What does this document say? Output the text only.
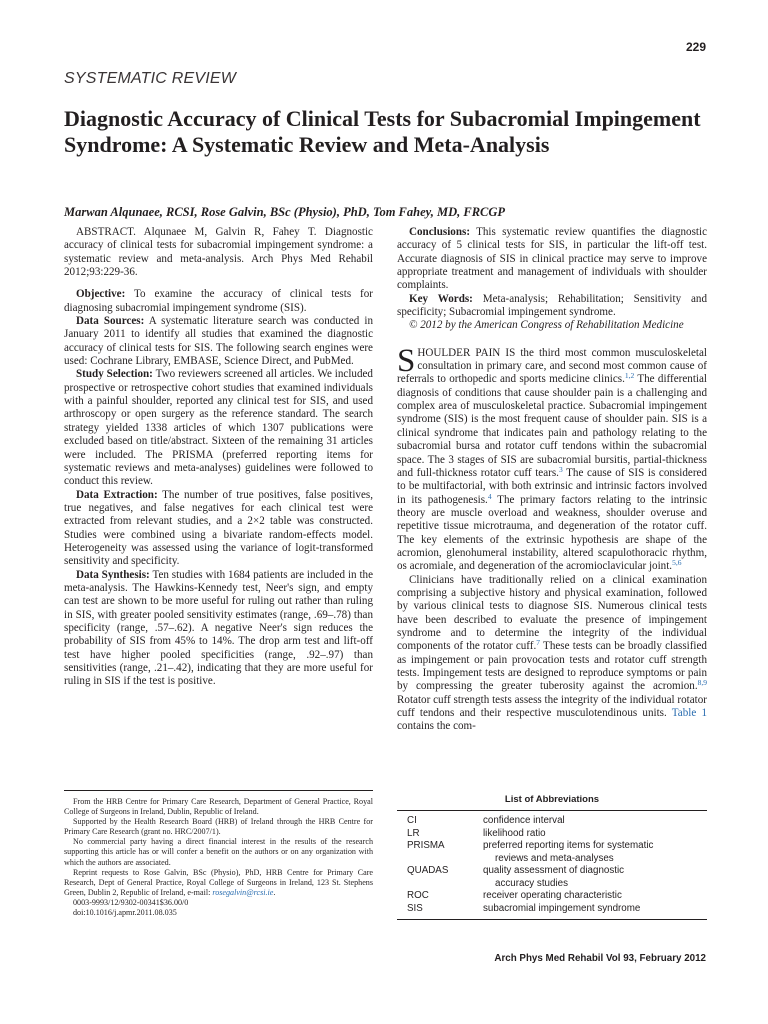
229
SYSTEMATIC REVIEW
Diagnostic Accuracy of Clinical Tests for Subacromial Impingement Syndrome: A Systematic Review and Meta-Analysis
Marwan Alqunaee, RCSI, Rose Galvin, BSc (Physio), PhD, Tom Fahey, MD, FRCGP

ABSTRACT. Alqunaee M, Galvin R, Fahey T. Diagnostic accuracy of clinical tests for subacromial impingement syndrome: a systematic review and meta-analysis. Arch Phys Med Rehabil 2012;93:229-36.

Objective: To examine the accuracy of clinical tests for diagnosing subacromial impingement syndrome (SIS).

Data Sources: A systematic literature search was conducted in January 2011 to identify all studies that examined the diagnostic accuracy of clinical tests for SIS. The following search engines were used: Cochrane Library, EMBASE, Science Direct, and PubMed.

Study Selection: Two reviewers screened all articles. We included prospective or retrospective cohort studies that examined individuals with a painful shoulder, reported any clinical test for SIS, and used arthroscopy or open surgery as the reference standard. The search strategy yielded 1338 articles of which 1307 publications were excluded based on title/abstract. Sixteen of the remaining 31 articles were included. The PRISMA (preferred reporting items for systematic reviews and meta-analyses) guidelines were followed to conduct this review.

Data Extraction: The number of true positives, false positives, true negatives, and false negatives for each clinical test were extracted from relevant studies, and a 2×2 table was constructed. Studies were combined using a bivariate random-effects model. Heterogeneity was assessed using the variance of logit-transformed sensitivity and specificity.

Data Synthesis: Ten studies with 1684 patients are included in the meta-analysis. The Hawkins-Kennedy test, Neer's sign, and empty can test are shown to be more useful for ruling out rather than ruling in SIS, with greater pooled sensitivity estimates (range, .69–.78) than specificity (range, .57–.62). A negative Neer's sign reduces the probability of SIS from 45% to 14%. The drop arm test and lift-off test have higher pooled specificities (range, .92–.97) than sensitivities (range, .21–.42), indicating that they are more useful for ruling in SIS if the test is positive.

Conclusions: This systematic review quantifies the diagnostic accuracy of 5 clinical tests for SIS, in particular the lift-off test. Accurate diagnosis of SIS in clinical practice may serve to improve appropriate treatment and management of individuals with shoulder complaints.

Key Words: Meta-analysis; Rehabilitation; Sensitivity and specificity; Subacromial impingement syndrome.

© 2012 by the American Congress of Rehabilitation Medicine

SHOULDER PAIN IS the third most common musculoskeletal consultation in primary care, and second most common cause of referrals to orthopedic and sports medicine clinics.$^{1,2}$ The differential diagnosis of conditions that cause shoulder pain is a challenging and complex area of musculoskeletal practice. Subacromial impingement syndrome (SIS) is the most frequent cause of shoulder pain. SIS is a clinical syndrome that indicates pain and pathology relating to the subacromial bursa and rotator cuff tendons within the subacromial space. The 3 stages of SIS are subacromial bursitis, partial-thickness and full-thickness rotator cuff tears.$^3$ The cause of SIS is considered to be multifactorial, with both extrinsic and intrinsic factors involved in its pathogenesis.$^4$ The primary factors relating to the intrinsic theory are muscle overload and weakness, shoulder overuse and repetitive tissue microtrauma, and degeneration of the rotator cuff. The key elements of the extrinsic hypothesis are shape of the acromion, glenohumeral instability, altered scapulothoracic rhythm, os acromiale, and degeneration of the acromioclavicular joint.$^{5,6}$

Clinicians have traditionally relied on a clinical examination comprising a subjective history and physical examination, followed by various clinical tests to diagnose SIS. Numerous clinical tests have been described to evaluate the presence of impingement syndrome and to determine the integrity of the individual components of the rotator cuff.$^7$ These tests can be broadly classified as impingement or pain provocation tests and rotator cuff strength tests. Impingement tests are designed to reproduce symptoms or pain by compressing the greater tuberosity against the acromion.$^{8,9}$ Rotator cuff strength tests assess the integrity of the individual rotator cuff tendons and their respective musculotendinous units. Table 1 contains the com-

From the HRB Centre for Primary Care Research, Department of General Practice, Royal College of Surgeons in Ireland, Dublin, Republic of Ireland.

Supported by the Health Research Board (HRB) of Ireland through the HRB Centre for Primary Care Research (grant no. HRC/2007/1).

No commercial party having a direct financial interest in the results of the research supporting this article has or will confer a benefit on the authors or on any organization with which the authors are associated.

Reprint requests to Rose Galvin, BSc (Physio), PhD, HRB Centre for Primary Care Research, Dept of General Practice, Royal College of Surgeons in Ireland, 123 St. Stephens Green, Dublin 2, Republic of Ireland, e-mail: rosegalvin@rcsi.ie.

0003-9993/12/9302-00341$36.00/0

doi:10.1016/j.apmr.2011.08.035

List of Abbreviations
CI	confidence interval
LR	likelihood ratio
PRISMA	preferred reporting items for systematic
reviews and meta-analyses

QUADAS	quality assessment of diagnostic
accuracy studies

ROC	receiver operating characteristic
SIS	subacromial impingement syndrome
Arch Phys Med Rehabil Vol 93, February 2012
